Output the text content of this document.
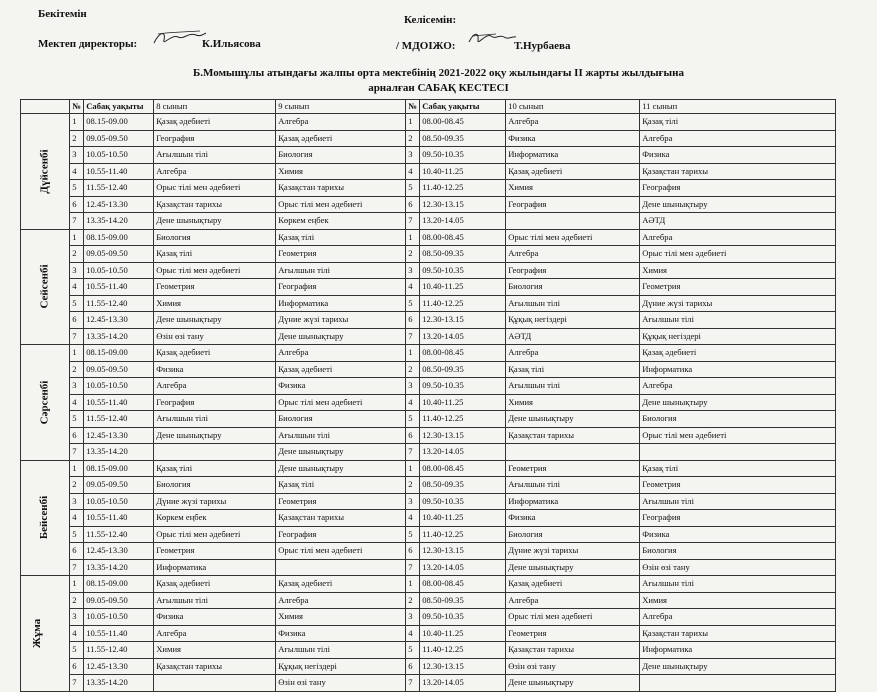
Бекітемін	Келісемін:
Мектеп директоры:	К.Ильясова	/ МДОІЖО:	Т.Нурбаева
Б.Момышұлы атындағы жалпы орта мектебінің 2021-2022 оқу жылындағы ІІ жарты жылдығына
арналған САБАҚ КЕСТЕСІ
	№	Сабақ уақыты	8 сынып	9 сынып	№	Сабақ уақыты	10 сынып	11 сынып
Дүйсенбі	1	08.15-09.00	Қазақ әдебиеті	Алгебра	1	08.00-08.45	Алгебра	Қазақ тілі
	2	09.05-09.50	География	Қазақ әдебиеті	2	08.50-09.35	Физика	Алгебра
	3	10.05-10.50	Ағылшын тілі	Биология	3	09.50-10.35	Информатика	Физика
	4	10.55-11.40	Алгебра	Химия	4	10.40-11.25	Қазақ әдебиеті	Қазақстан тарихы
	5	11.55-12.40	Орыс тілі мен әдебиеті	Қазақстан тарихы	5	11.40-12.25	Химия	География
	6	12.45-13.30	Қазақстан тарихы	Орыс тілі мен әдебиеті	6	12.30-13.15	География	Дене шынықтыру
	7	13.35-14.20	Дене шынықтыру	Көркем еңбек	7	13.20-14.05		АӘТД
Сейсенбі	1	08.15-09.00	Биология	Қазақ тілі	1	08.00-08.45	Орыс тілі мен әдебиеті	Алгебра
	2	09.05-09.50	Қазақ тілі	Геометрия	2	08.50-09.35	Алгебра	Орыс тілі мен әдебиеті
	3	10.05-10.50	Орыс тілі мен әдебиеті	Ағылшын тілі	3	09.50-10.35	География	Химия
	4	10.55-11.40	Геометрия	География	4	10.40-11.25	Биология	Геометрия
	5	11.55-12.40	Химия	Информатика	5	11.40-12.25	Ағылшын тілі	Дүние жүзі тарихы
	6	12.45-13.30	Дене шынықтыру	Дүние жүзі тарихы	6	12.30-13.15	Құқық негіздері	Ағылшын тілі
	7	13.35-14.20	Өзін өзі тану	Дене шынықтыру	7	13.20-14.05	АӘТД	Құқық негіздері
Сәрсенбі	1	08.15-09.00	Қазақ әдебиеті	Алгебра	1	08.00-08.45	Алгебра	Қазақ әдебиеті
	2	09.05-09.50	Физика	Қазақ әдебиеті	2	08.50-09.35	Қазақ тілі	Информатика
	3	10.05-10.50	Алгебра	Физика	3	09.50-10.35	Ағылшын тілі	Алгебра
	4	10.55-11.40	География	Орыс тілі мен әдебиеті	4	10.40-11.25	Химия	Дене шынықтыру
	5	11.55-12.40	Ағылшын тілі	Биология	5	11.40-12.25	Дене шынықтыру	Биология
	6	12.45-13.30	Дене шынықтыру	Ағылшын тілі	6	12.30-13.15	Қазақстан тарихы	Орыс тілі мен әдебиеті
	7	13.35-14.20		Дене шынықтыру	7	13.20-14.05		
Бейсенбі	1	08.15-09.00	Қазақ тілі	Дене шынықтыру	1	08.00-08.45	Геометрия	Қазақ тілі
	2	09.05-09.50	Биология	Қазақ тілі	2	08.50-09.35	Ағылшын тілі	Геометрия
	3	10.05-10.50	Дүние жүзі тарихы	Геометрия	3	09.50-10.35	Информатика	Ағылшын тілі
	4	10.55-11.40	Көркем еңбек	Қазақстан тарихы	4	10.40-11.25	Физика	География
	5	11.55-12.40	Орыс тілі мен әдебиеті	География	5	11.40-12.25	Биология	Физика
	6	12.45-13.30	Геометрия	Орыс тілі мен әдебиеті	6	12.30-13.15	Дүние жүзі тарихы	Биология
	7	13.35-14.20	Информатика		7	13.20-14.05	Дене шынықтыру	Өзін өзі тану
Жұма	1	08.15-09.00	Қазақ әдебиеті	Қазақ әдебиеті	1	08.00-08.45	Қазақ әдебиеті	Ағылшын тілі
	2	09.05-09.50	Ағылшын тілі	Алгебра	2	08.50-09.35	Алгебра	Химия
	3	10.05-10.50	Физика	Химия	3	09.50-10.35	Орыс тілі мен әдебиеті	Алгебра
	4	10.55-11.40	Алгебра	Физика	4	10.40-11.25	Геометрия	Қазақстан тарихы
	5	11.55-12.40	Химия	Ағылшын тілі	5	11.40-12.25	Қазақстан тарихы	Информатика
	6	12.45-13.30	Қазақстан тарихы	Құқық негіздері	6	12.30-13.15	Өзін өзі тану	Дене шынықтыру
	7	13.35-14.20		Өзін өзі тану	7	13.20-14.05	Дене шынықтыру	
